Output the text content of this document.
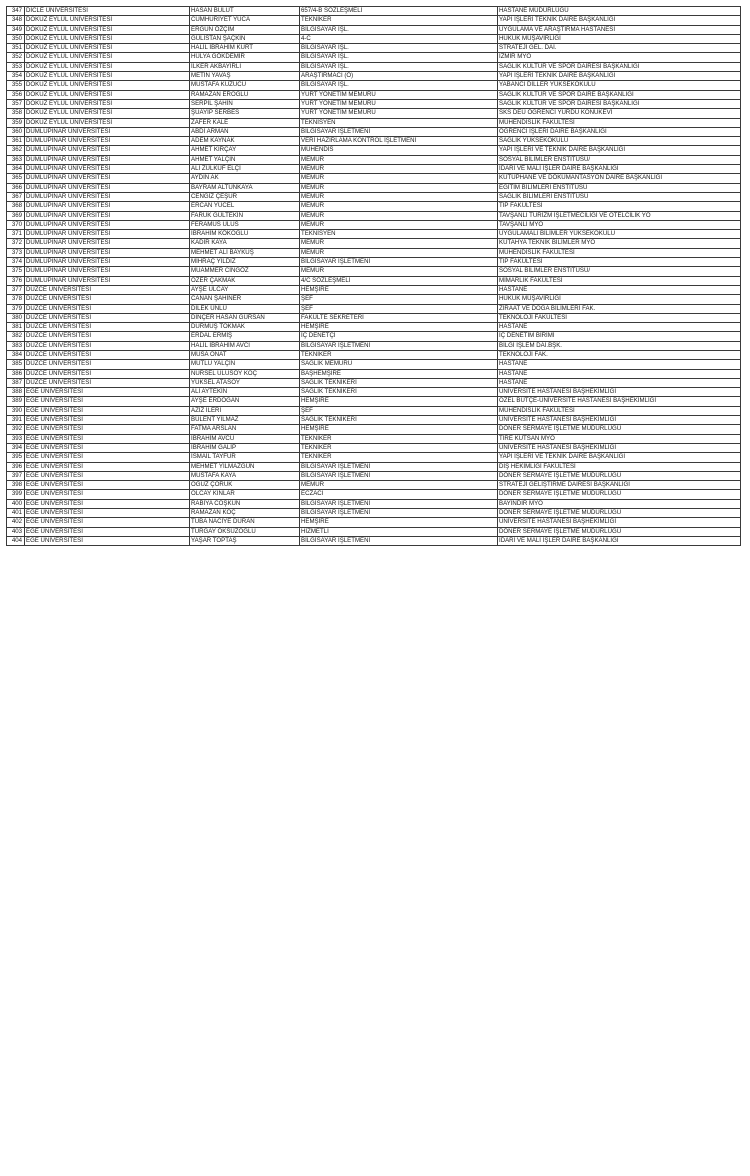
347	DİCLE ÜNİVERSİTESİ	HASAN BULUT	657/4-B SÖZLEŞMELİ	HASTANE MÜDÜRLÜĞÜ
348	DOKUZ EYLÜL ÜNİVERSİTESİ	CUMHURİYET YUCA	TEKNİKER	YAPI İŞLERİ TEKNİK DAİRE BAŞKANLIĞI
349	DOKUZ EYLÜL ÜNİVERSİTESİ	ERGUN ÖZÇİM	BİLGİSAYAR İŞL.	UYGULAMA VE ARAŞTIRMA HASTANESİ
350	DOKUZ EYLÜL ÜNİVERSİTESİ	GÜLİSTAN ŞAÇKIN	4-C	HUKUK MÜŞAVİRLİĞİ
351	DOKUZ EYLÜL ÜNİVERSİTESİ	HALİL İBRAHİM KURT	BİLGİSAYAR İŞL.	STRATEJİ GEL. DAİ.
352	DOKUZ EYLÜL ÜNİVERSİTESİ	HÜLYA GÖKDEMİR	BİLGİSAYAR İŞL.	İZMİR MYO
353	DOKUZ EYLÜL ÜNİVERSİTESİ	İLKER AKBAYIRLI	BİLGİSAYAR İŞL.	SAĞLIK KÜLTÜR VE SPOR DAİRESİ BAŞKANLIĞI
354	DOKUZ EYLÜL ÜNİVERSİTESİ	METİN YAVAŞ	ARAŞTIRMACI (Ö)	YAPI İŞLERİ TEKNİK DAİRE BAŞKANLIĞI
355	DOKUZ EYLÜL ÜNİVERSİTESİ	MUSTAFA KUZUCU	BİLGİSAYAR İŞL.	YABANCI DİLLER YÜKSEKOKULU
356	DOKUZ EYLÜL ÜNİVERSİTESİ	RAMAZAN EROĞLU	YURT YÖNETİM MEMURU	SAĞLIK KÜLTÜR VE SPOR DAİRE BAŞKANLIĞI
357	DOKUZ EYLÜL ÜNİVERSİTESİ	SERPİL ŞAHİN	YURT YÖNETİM MEMURU	SAĞLIK KÜLTÜR VE SPOR DAİRESİ BAŞKANLIĞI
358	DOKUZ EYLÜL ÜNİVERSİTESİ	ŞUAYİP SERBES	YURT YÖNETİM MEMURU	SKS DEÜ ÖĞRENCİ YURDU KONUKEVİ
359	DOKUZ EYLÜL ÜNİVERSİTESİ	ZAFER KALE	TEKNİSYEN	MÜHENDİSLİK FAKÜLTESİ
360	DUMLUPINAR ÜNİVERSİTESİ	ABDİ ARMAN	BİLGİSAYAR İŞLETMENİ	ÖĞRENCİ İŞLERİ DAİRE BAŞKANLIĞI
361	DUMLUPINAR ÜNİVERSİTESİ	ADEM KAYNAK	VERİ HAZIRLAMA KONTROL İŞLETMENİ	SAĞLIK YÜKSEKOKULU
362	DUMLUPINAR ÜNİVERSİTESİ	AHMET KIRÇAY	MÜHENDİS	YAPI İŞLERİ VE TEKNİK DAİRE BAŞKANLIĞI
363	DUMLUPINAR ÜNİVERSİTESİ	AHMET YALÇIN	MEMUR	SOSYAL BİLİMLER ENSTİTÜSÜ/
364	DUMLUPINAR ÜNİVERSİTESİ	ALİ ZÜLKÜF ELÇİ	MEMUR	İDARİ VE MALİ İŞLER DAİRE BAŞKANLIĞI
365	DUMLUPINAR ÜNİVERSİTESİ	AYDIN AK	MEMUR	KÜTÜPHANE VE DÖKÜMANTASYON DAİRE BAŞKANLIĞI
366	DUMLUPINAR ÜNİVERSİTESİ	BAYRAM ALTUNKAYA	MEMUR	EĞİTİM BİLİMLERİ ENSTİTÜSÜ
367	DUMLUPINAR ÜNİVERSİTESİ	CENGİZ ÇEŞUR	MEMUR	SAĞLIK BİLİMLERİ ENSTİTÜSÜ
368	DUMLUPINAR ÜNİVERSİTESİ	ERCAN YÜCEL	MEMUR	TIP FAKÜLTESİ
369	DUMLUPINAR ÜNİVERSİTESİ	FARUK GÜLTEKİN	MEMUR	TAVŞANLI TURİZM İŞLETMECİLİĞİ VE OTELCİLİK YO
370	DUMLUPINAR ÜNİVERSİTESİ	FERAMUS ULUS	MEMUR	TAVŞANLI MYO
371	DUMLUPINAR ÜNİVERSİTESİ	İBRAHİM KÖKOĞLU	TEKNİSYEN	UYGULAMALI BİLİMLER YÜKSEKOKULU
372	DUMLUPINAR ÜNİVERSİTESİ	KADİR KAYA	MEMUR	KÜTAHYA TEKNİK BİLİMLER MYO
373	DUMLUPINAR ÜNİVERSİTESİ	MEHMET ALİ BAYKUŞ	MEMUR	MÜHENDİSLİK FAKÜLTESİ
374	DUMLUPINAR ÜNİVERSİTESİ	MİHRAÇ YILDIZ	BİLGİSAYAR İŞLETMENİ	TIP FAKÜLTESİ
375	DUMLUPINAR ÜNİVERSİTESİ	MUAMMER CİNGÖZ	MEMUR	SOSYAL BİLİMLER ENSTİTÜSÜ/
376	DUMLUPINAR ÜNİVERSİTESİ	ÖZER ÇAKMAK	4/C SÖZLEŞMELİ	MİMARLIK FAKÜLTESİ
377	DÜZCE ÜNİVERSİTESİ	AYŞE ULCAY	HEMŞİRE	HASTANE
378	DÜZCE ÜNİVERSİTESİ	CANAN ŞAHİNER	ŞEF	HUKUK MÜŞAVİRLİĞİ
379	DÜZCE ÜNİVERSİTESİ	DİLEK ÜNLÜ	ŞEF	ZİRAAT VE DOĞA BİLİMLERİ FAK.
380	DÜZCE ÜNİVERSİTESİ	DİNÇER HASAN GÜRSAN	FAKÜLTE SEKRETERİ	TEKNOLOJİ FAKÜLTESİ
381	DÜZCE ÜNİVERSİTESİ	DURMUŞ TOKMAK	HEMŞİRE	HASTANE
382	DÜZCE ÜNİVERSİTESİ	ERDAL ERMİŞ	İÇ DENETÇİ	İÇ DENETİM BİRİMİ
383	DÜZCE ÜNİVERSİTESİ	HALİL İBRAHİM AVCI	BİLGİSAYAR İŞLETMENİ	BİLGİ İŞLEM DAİ.BŞK.
384	DÜZCE ÜNİVERSİTESİ	MUSA ONAT	TEKNİKER	TEKNOLOJİ FAK.
385	DÜZCE ÜNİVERSİTESİ	MUTLU YALÇIN	SAĞLIK MEMURU	HASTANE
386	DÜZCE ÜNİVERSİTESİ	NURSEL ULUSOY KOÇ	BAŞHEMŞİRE	HASTANE
387	DÜZCE ÜNİVERSİTESİ	YÜKSEL ATASOY	SAĞLIK TEKNİKERİ	HASTANE
388	EGE ÜNİVERSİTESİ	ALİ AYTEKİN	SAĞLIK TEKNİKERİ	ÜNİVERSİTE HASTANESİ BAŞHEKİMLİĞİ
389	EGE ÜNİVERSİTESİ	AYŞE ERDOĞAN	HEMŞİRE	ÖZEL BÜTÇE-ÜNİVERSİTE HASTANESİ BAŞHEKİMLİĞİ
390	EGE ÜNİVERSİTESİ	AZİZ İLERİ	ŞEF	MÜHENDİSLİK FAKÜLTESİ
391	EGE ÜNİVERSİTESİ	BÜLENT YILMAZ	SAĞLIK TEKNİKERİ	ÜNİVERSİTE HASTANESİ BAŞHEKİMLİĞİ
392	EGE ÜNİVERSİTESİ	FATMA ARSLAN	HEMŞİRE	DÖNER SERMAYE İŞLETME MÜDÜRLÜĞÜ
393	EGE ÜNİVERSİTESİ	İBRAHİM AVCU	TEKNİKER	TİRE KUTSAN MYO
394	EGE ÜNİVERSİTESİ	İBRAHİM GALİP	TEKNİKER	ÜNİVERSİTE HASTANESİ BAŞHEKİMLİĞİ
395	EGE ÜNİVERSİTESİ	İSMAİL TAYFUR	TEKNİKER	YAPI İŞLERİ VE TEKNİK DAİRE BAŞKANLIĞI
396	EGE ÜNİVERSİTESİ	MEHMET YILMAZGÜN	BİLGİSAYAR İŞLETMENİ	DİŞ HEKİMLİĞİ FAKÜLTESİ
397	EGE ÜNİVERSİTESİ	MUSTAFA KAYA	BİLGİSAYAR İŞLETMENİ	DÖNER SERMAYE İŞLETME MÜDÜRLÜĞÜ
398	EGE ÜNİVERSİTESİ	OĞUZ ÇORUK	MEMUR	STRATEJİ GELİŞTİRME DAİRESİ BAŞKANLIĞI
399	EGE ÜNİVERSİTESİ	OLCAY KINLAR	ECZACI	DÖNER SERMAYE İŞLETME MÜDÜRLÜĞÜ
400	EGE ÜNİVERSİTESİ	RABİYA COŞKUN	BİLGİSAYAR İŞLETMENİ	BAYINDIR MYO
401	EGE ÜNİVERSİTESİ	RAMAZAN KOÇ	BİLGİSAYAR İŞLETMENİ	DÖNER SERMAYE İŞLETME MÜDÜRLÜĞÜ
402	EGE ÜNİVERSİTESİ	TUBA NACİYE DURAN	HEMŞİRE	ÜNİVERSİTE HASTANESİ BAŞHEKİMLİĞİ
403	EGE ÜNİVERSİTESİ	TURGAY ÖKSÜZOĞLU	HİZMETLİ	DÖNER SERMAYE İŞLETME MÜDÜRLÜĞÜ
404	EGE ÜNİVERSİTESİ	YAŞAR TOPTAŞ	BİLGİSAYAR İŞLETMENİ	İDARİ VE MALİ İŞLER DAİRE BAŞKANLIĞI
